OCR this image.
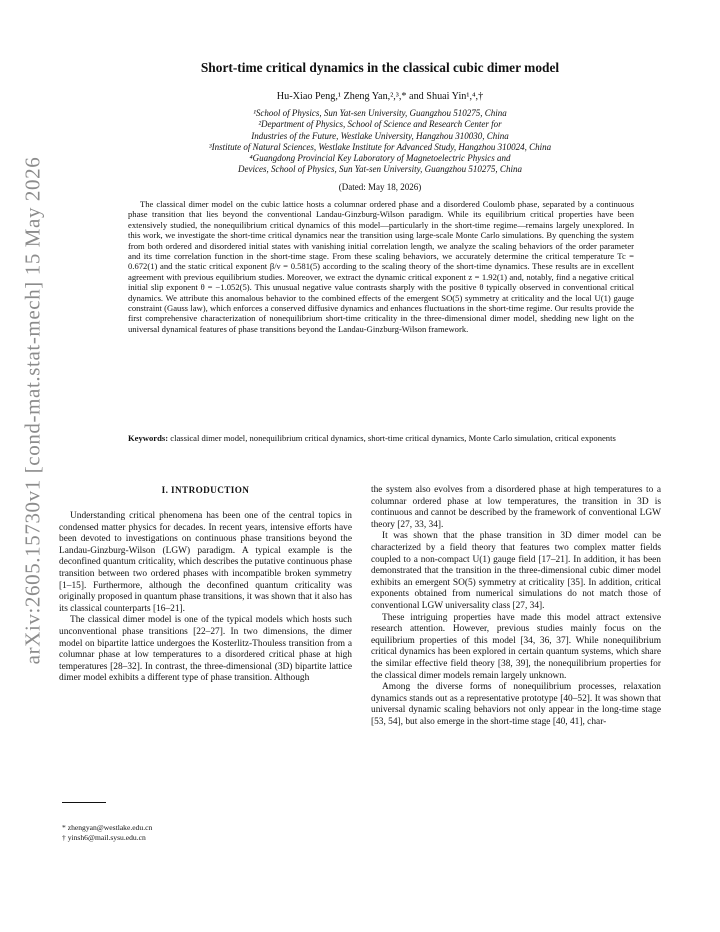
arXiv:2605.15730v1 [cond-mat.stat-mech] 15 May 2026
Short-time critical dynamics in the classical cubic dimer model
Hu-Xiao Peng,¹ Zheng Yan,²,³,* and Shuai Yin¹,⁴,†
¹School of Physics, Sun Yat-sen University, Guangzhou 510275, China
²Department of Physics, School of Science and Research Center for
Industries of the Future, Westlake University, Hangzhou 310030, China
³Institute of Natural Sciences, Westlake Institute for Advanced Study, Hangzhou 310024, China
⁴Guangdong Provincial Key Laboratory of Magnetoelectric Physics and
Devices, School of Physics, Sun Yat-sen University, Guangzhou 510275, China
(Dated: May 18, 2026)
The classical dimer model on the cubic lattice hosts a columnar ordered phase and a disordered Coulomb phase, separated by a continuous phase transition that lies beyond the conventional Landau-Ginzburg-Wilson paradigm. While its equilibrium critical properties have been extensively studied, the nonequilibrium critical dynamics of this model—particularly in the short-time regime—remains largely unexplored. In this work, we investigate the short-time critical dynamics near the transition using large-scale Monte Carlo simulations. By quenching the system from both ordered and disordered initial states with vanishing initial correlation length, we analyze the scaling behaviors of the order parameter and its time correlation function in the short-time stage. From these scaling behaviors, we accurately determine the critical temperature Tc = 0.672(1) and the static critical exponent β/ν = 0.581(5) according to the scaling theory of the short-time dynamics. These results are in excellent agreement with previous equilibrium studies. Moreover, we extract the dynamic critical exponent z = 1.92(1) and, notably, find a negative critical initial slip exponent θ = −1.052(5). This unusual negative value contrasts sharply with the positive θ typically observed in conventional critical dynamics. We attribute this anomalous behavior to the combined effects of the emergent SO(5) symmetry at criticality and the local U(1) gauge constraint (Gauss law), which enforces a conserved diffusive dynamics and enhances fluctuations in the short-time regime. Our results provide the first comprehensive characterization of nonequilibrium short-time criticality in the three-dimensional dimer model, shedding new light on the universal dynamical features of phase transitions beyond the Landau-Ginzburg-Wilson framework.
Keywords: classical dimer model, nonequilibrium critical dynamics, short-time critical dynamics, Monte Carlo simulation, critical exponents
I. INTRODUCTION

Understanding critical phenomena has been one of the central topics in condensed matter physics for decades. In recent years, intensive efforts have been devoted to investigations on continuous phase transitions beyond the Landau-Ginzburg-Wilson (LGW) paradigm. A typical example is the deconfined quantum criticality, which describes the putative continuous phase transition between two ordered phases with incompatible broken symmetry [1–15]. Furthermore, although the deconfined quantum criticality was originally proposed in quantum phase transitions, it was shown that it also has its classical counterparts [16–21].

The classical dimer model is one of the typical models which hosts such unconventional phase transitions [22–27]. In two dimensions, the dimer model on bipartite lattice undergoes the Kosterlitz-Thouless transition from a columnar phase at low temperatures to a disordered critical phase at high temperatures [28–32]. In contrast, the three-dimensional (3D) bipartite lattice dimer model exhibits a different type of phase transition. Although

the system also evolves from a disordered phase at high temperatures to a columnar ordered phase at low temperatures, the transition in 3D is continuous and cannot be described by the framework of conventional LGW theory [27, 33, 34].

It was shown that the phase transition in 3D dimer model can be characterized by a field theory that features two complex matter fields coupled to a non-compact U(1) gauge field [17–21]. In addition, it has been demonstrated that the transition in the three-dimensional cubic dimer model exhibits an emergent SO(5) symmetry at criticality [35]. In addition, critical exponents obtained from numerical simulations do not match those of conventional LGW universality class [27, 34].

These intriguing properties have made this model attract extensive research attention. However, previous studies mainly focus on the equilibrium properties of this model [34, 36, 37]. While nonequilibrium critical dynamics has been explored in certain quantum systems, which share the similar effective field theory [38, 39], the nonequilibrium properties for the classical dimer models remain largely unknown.

Among the diverse forms of nonequilibrium processes, relaxation dynamics stands out as a representative prototype [40–52]. It was shown that universal dynamic scaling behaviors not only appear in the long-time stage [53, 54], but also emerge in the short-time stage [40, 41], char-

* zhengyan@westlake.edu.cn
† yinsh6@mail.sysu.edu.cn
